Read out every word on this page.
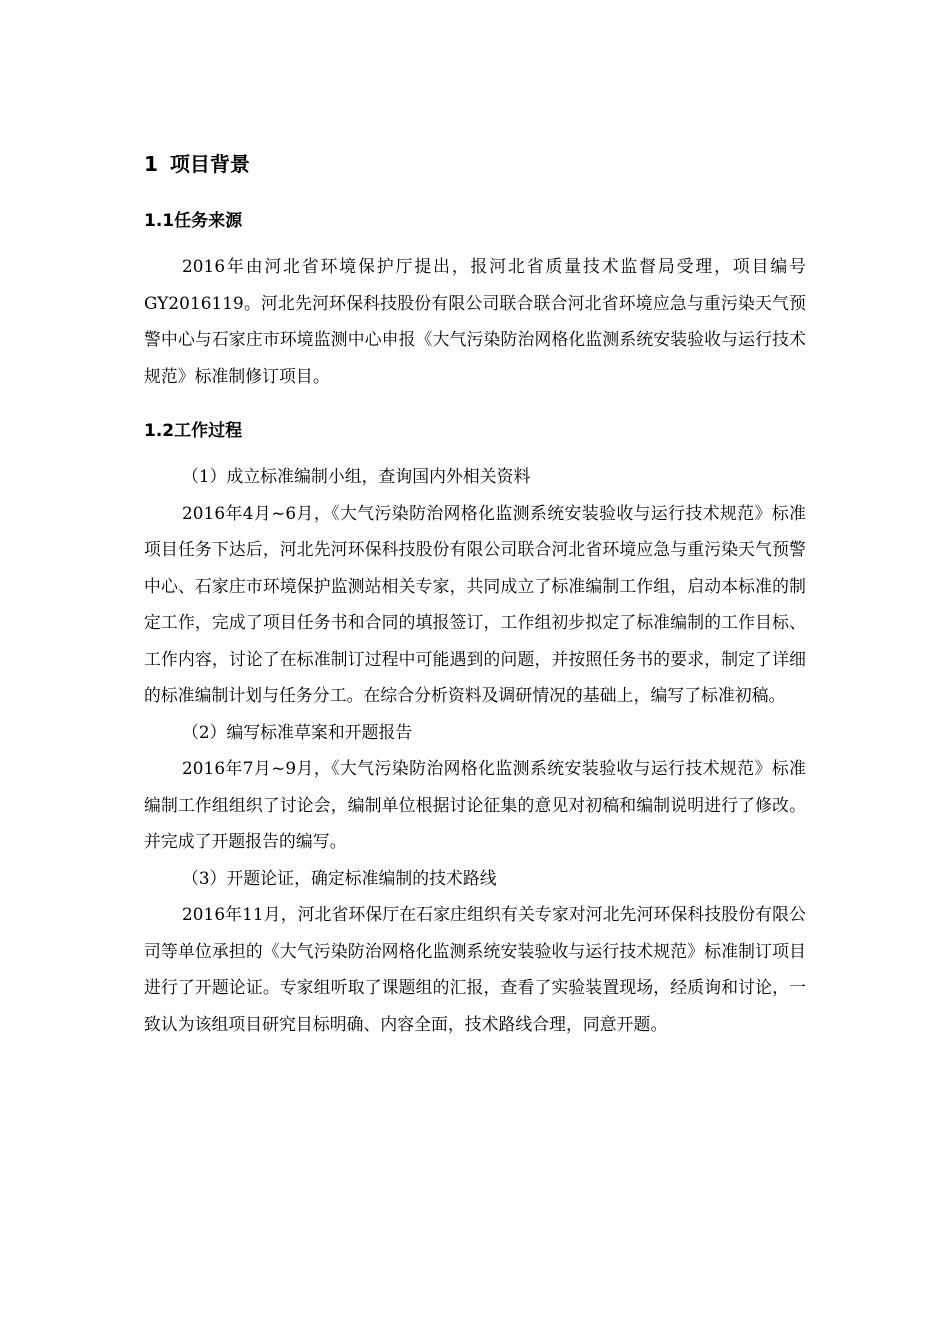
1 项目背景
1.1任务来源

2016年由河北省环境保护厅提出，报河北省质量技术监督局受理，项目编号GY2016119。河北先河环保科技股份有限公司联合联合河北省环境应急与重污染天气预警中心与石家庄市环境监测中心申报《大气污染防治网格化监测系统安装验收与运行技术规范》标准制修订项目。

1.2工作过程

（1）成立标准编制小组，查询国内外相关资料

2016年4月~6月，《大气污染防治网格化监测系统安装验收与运行技术规范》标准项目任务下达后，河北先河环保科技股份有限公司联合河北省环境应急与重污染天气预警中心、石家庄市环境保护监测站相关专家，共同成立了标准编制工作组，启动本标准的制定工作，完成了项目任务书和合同的填报签订，工作组初步拟定了标准编制的工作目标、工作内容，讨论了在标准制订过程中可能遇到的问题，并按照任务书的要求，制定了详细的标准编制计划与任务分工。在综合分析资料及调研情况的基础上，编写了标准初稿。

（2）编写标准草案和开题报告

2016年7月~9月，《大气污染防治网格化监测系统安装验收与运行技术规范》标准编制工作组组织了讨论会，编制单位根据讨论征集的意见对初稿和编制说明进行了修改。并完成了开题报告的编写。

（3）开题论证，确定标准编制的技术路线

2016年11月，河北省环保厅在石家庄组织有关专家对河北先河环保科技股份有限公司等单位承担的《大气污染防治网格化监测系统安装验收与运行技术规范》标准制订项目进行了开题论证。专家组听取了课题组的汇报，查看了实验装置现场，经质询和讨论，一致认为该组项目研究目标明确、内容全面，技术路线合理，同意开题。
